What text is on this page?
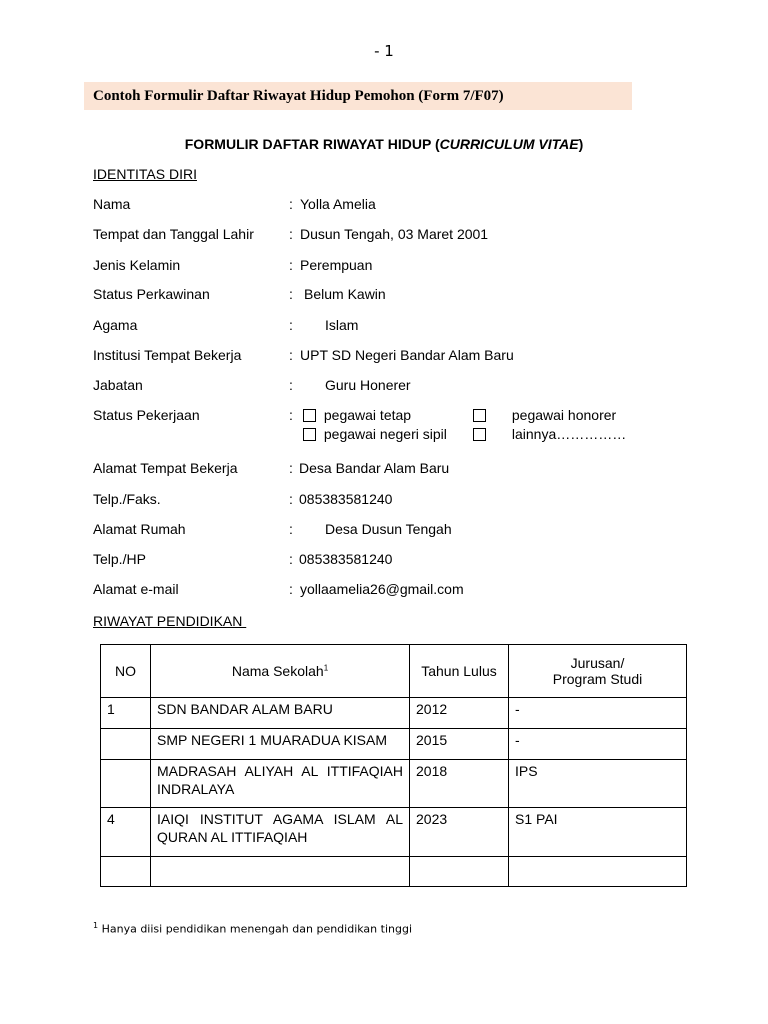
- 1
Contoh Formulir Daftar Riwayat Hidup Pemohon (Form 7/F07)
FORMULIR DAFTAR RIWAYAT HIDUP (CURRICULUM VITAE)
IDENTITAS DIRI
Nama	: Yolla Amelia
Tempat dan Tanggal Lahir	: Dusun Tengah, 03 Maret 2001
Jenis Kelamin	: Perempuan
Status Perkawinan	: Belum Kawin
Agama	: Islam
Institusi Tempat Bekerja	: UPT SD Negeri Bandar Alam Baru
Jabatan	: Guru Honerer
Status Pekerjaan	:	pegawai tetap	pegawai honorer
pegawai negeri sipil	lainnya……………
Alamat Tempat Bekerja	: Desa Bandar Alam Baru
Telp./Faks.	: 085383581240
Alamat Rumah	: Desa Dusun Tengah
Telp./HP	: 085383581240
Alamat e-mail	: yollaamelia26@gmail.com
RIWAYAT PENDIDIKAN
NO	Nama Sekolah$^1$	Tahun Lulus	Jurusan/
Program Studi

1	SDN BANDAR ALAM BARU	2012	-

	SMP NEGERI 1 MUARADUA KISAM	2015	-

	MADRASAH ALIYAH AL ITTIFAQIAH INDRALAYA	2018	IPS

4	IAIQI INSTITUT AGAMA ISLAM AL QURAN AL ITTIFAQIAH	2023	S1 PAI

$^1$ Hanya diisi pendidikan menengah dan pendidikan tinggi
